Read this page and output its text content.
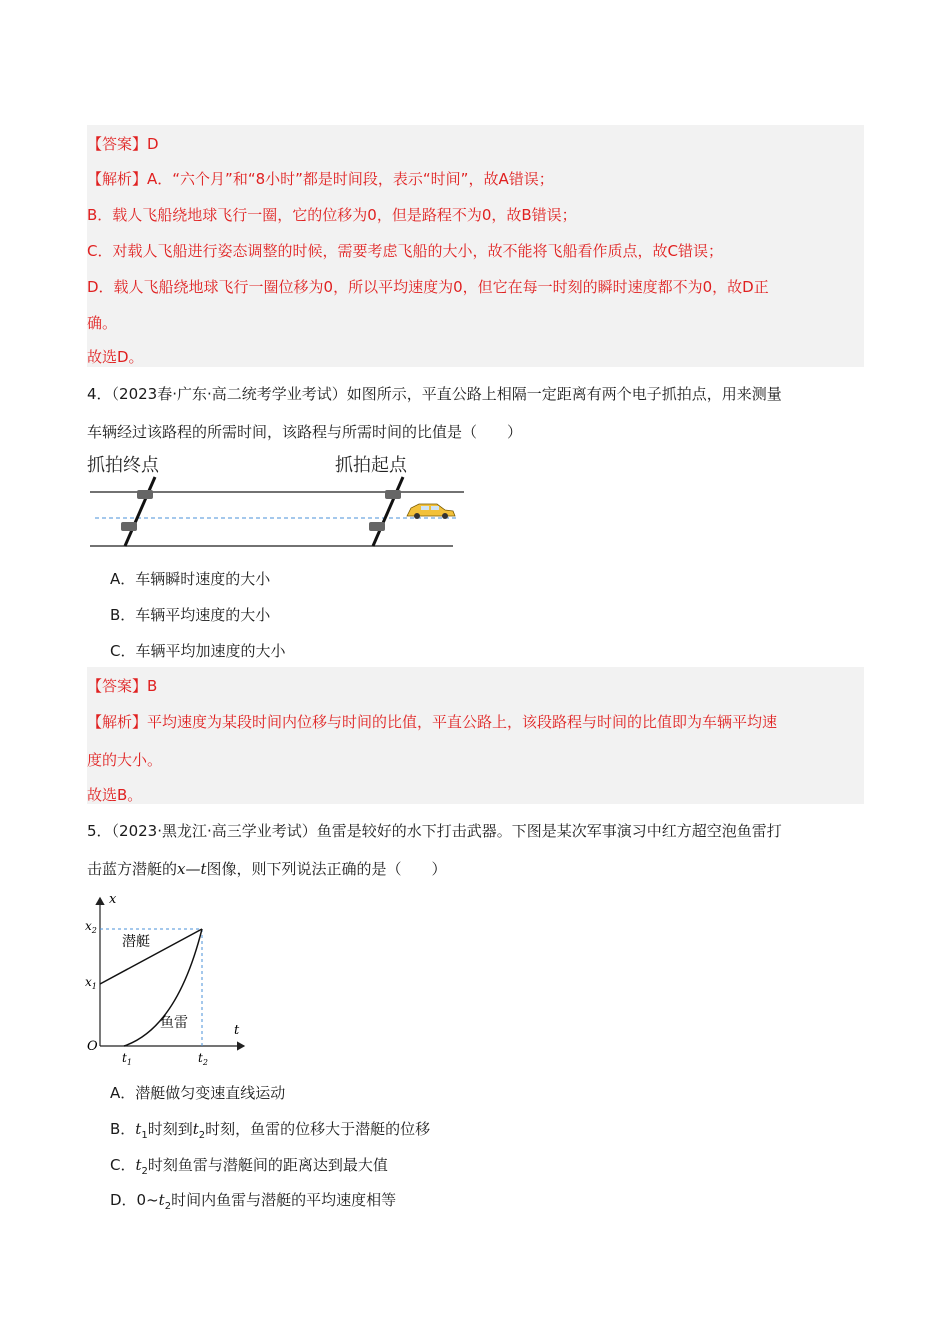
【答案】D
【解析】A．“六个月”和“8小时”都是时间段，表示“时间”，故A错误；
B．载人飞船绕地球飞行一圈，它的位移为0，但是路程不为0，故B错误；
C．对载人飞船进行姿态调整的时候，需要考虑飞船的大小，故不能将飞船看作质点，故C错误；
D．载人飞船绕地球飞行一圈位移为0，所以平均速度为0，但它在每一时刻的瞬时速度都不为0，故D正
确。
故选D。
4．（2023春·广东·高二统考学业考试）如图所示，平直公路上相隔一定距离有两个电子抓拍点，用来测量
车辆经过该路程的所需时间，该路程与所需时间的比值是（　　）
抓拍终点	抓拍起点
A．车辆瞬时速度的大小
B．车辆平均速度的大小
C．车辆平均加速度的大小
【答案】B
【解析】平均速度为某段时间内位移与时间的比值，平直公路上，该段路程与时间的比值即为车辆平均速
度的大小。
故选B。
5．（2023·黑龙江·高三学业考试）鱼雷是较好的水下打击武器。下图是某次军事演习中红方超空泡鱼雷打
击蓝方潜艇的x—t图像，则下列说法正确的是（　　）
x
t
O
潜艇
鱼雷
$x_2$
$x_1$
$t_1$	$t_2$
A．潜艇做匀变速直线运动
B．$t_1$时刻到$t_2$时刻，鱼雷的位移大于潜艇的位移
C．$t_2$时刻鱼雷与潜艇间的距离达到最大值
D．$0\sim t_2$时间内鱼雷与潜艇的平均速度相等
